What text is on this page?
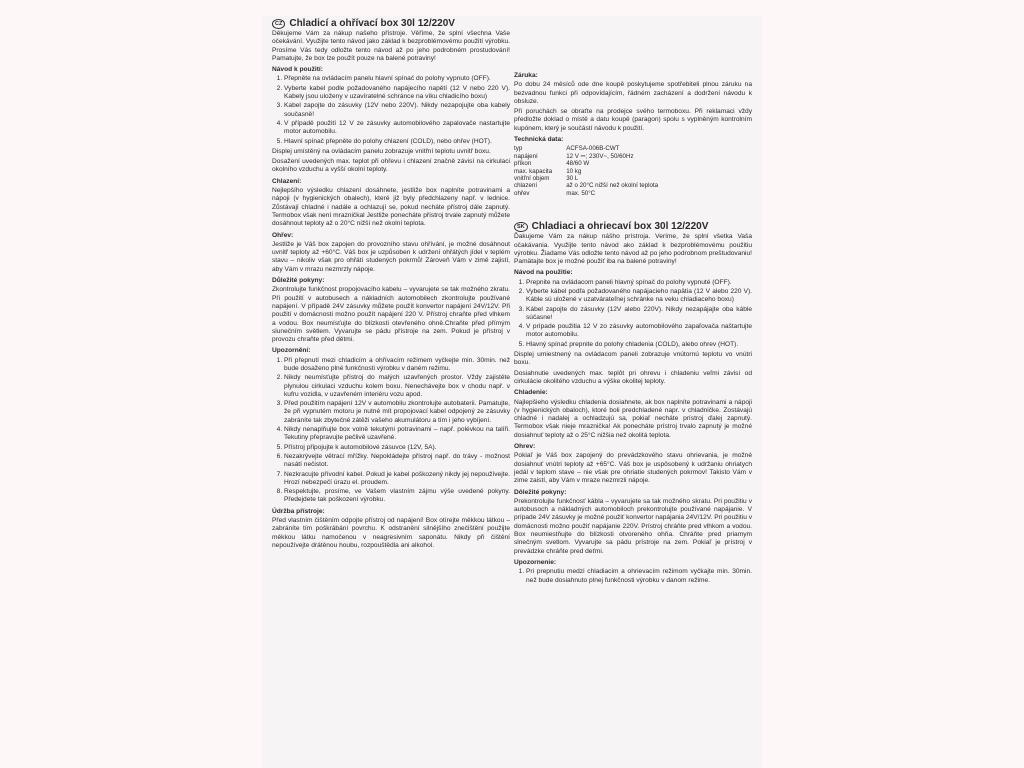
CZ Chladicí a ohřívací box 30l 12/220V

Děkujeme Vám za nákup našeho přístroje. Věříme, že splní všechna Vaše očekávání. Využijte tento návod jako základ k bezproblémovému použití výrobku. Prosíme Vás tedy odložte tento návod až po jeho podrobném prostudování! Pamatujte, že box lze použít pouze na balené potraviny!

Návod k použití:
1. Přepněte na ovládacím panelu hlavní spínač do polohy vypnuto (OFF).
2. Vyberte kabel podle požadovaného napájecího napětí (12 V nebo 220 V). Kabely jsou uloženy v uzavíratelné schránce na víku chladicího boxu)
3. Kabel zapojte do zásuvky (12V nebo 220V). Nikdy nezapojujte oba kabely současně!
4. V případě použití 12 V ze zásuvky automobilového zapalovače nastartujte motor automobilu.
5. Hlavní spínač přepněte do polohy chlazení (COLD), nebo ohřev (HOT).

Displej umístěný na ovládacím panelu zobrazuje vnitřní teplotu uvnitř boxu.

Dosažení uvedených max. teplot při ohřevu i chlazení značně závisí na cirkulaci okolního vzduchu a vyšší okolní teploty.

Chlazení:

Nejlepšího výsledku chlazení dosáhnete, jestliže box naplníte potravinami a nápoji (v hygienických obalech), které již byly předchlazeny např. v lednice. Zůstávají chladné i nadále a ochlazují se, pokud necháte přístroj dále zapnutý. Termobox však není mrazničkal Jestliže ponecháte přístroj trvale zapnutý můžete dosáhnout teploty až o 20°C nižší než okolní teplota.

Ohřev:

Jestliže je Váš box zapojen do provozního stavu ohřívání, je možné dosáhnout uvnitř teploty až +60°C. Váš box je uzpůsoben k udržení ohřátých jídel v teplém stavu – nikoliv však pro ohřátí studených pokrmů! Zároveň Vám v zimě zajistí, aby Vám v mrazu nezmrzly nápoje.

Důležité pokyny:

Zkontrolujte funkčnost propojovacího kabelu – vyvarujete se tak možného zkratu. Při použití v autobusech a nákladních automobilech zkontrolujte používané napájení. V případě 24V zásuvky můžete použít konvertor napájení 24V/12V. Při použití v domácnosti možno použít napájení 220 V. Přístroj chraňte před vlhkem a vodou. Box neumísťujte do blízkosti otevřeného ohně.Chraňte před přímým slunečním světlem. Vyvarujte se pádu přístroje na zem. Pokud je přístroj v provozu chraňte před dětmi.

Upozornění:
1. Při přepnutí mezi chladicím a ohřívacím režimem vyčkejte min. 30min. než bude dosaženo plné funkčnosti výrobku v daném režimu.
2. Nikdy neumísťujte přístroj do malých uzavřených prostor. Vždy zajistěte plynulou cirkulaci vzduchu kolem boxu. Nenechávejte box v chodu např. v kufru vozidla, v uzavřeném interiéru vozu apod.
3. Před použitím napájení 12V v automobilu zkontrolujte autobaterii. Pamatujte, že při vypnutém motoru je nutné mít propojovací kabel odpojený ze zásuvky zabráníte tak zbytečné zátěži vašeho akumulátoru a tím i jeho vybíjení.
4. Nikdy nenaplňujte box volně tekutými potravinami – např. polévkou na talíři. Tekutiny přepravujte pečlivě uzavřené.
5. Přístroj připojujte k automobilové zásuvce (12V, 5A).
6. Nezakrývejte větrací mřížky. Nepokládejte přístroj např. do trávy - možnost nasátí nečistot.
7. Nezkracujte přívodní kabel. Pokud je kabel poškozený nikdy jej nepoužívejte. Hrozí nebezpečí úrazu el. proudem.
8. Respektujte, prosíme, ve Vašem vlastním zájmu výše uvedené pokyny. Předejdete tak poškození výrobku.
Údržba přístroje:

Před vlastním čištěním odpojte přístroj od napájení! Box otírejte měkkou látkou – zabráníte tím poškrábání povrchu. K odstranění silnějšího znečištění použijte měkkou látku namočenou v neagresivním saponátu. Nikdy při čištění nepoužívejte drátěnou houbu, rozpouštědla ani alkohol.

Záruka:

Po dobu 24 měsíců ode dne koupě poskytujeme spotřebiteli plnou záruku na bezvadnou funkci při odpovídajícím, řádném zacházení a dodržení návodu k obsluze.

Při poruchách se obraťte na prodejce svého termoboxu. Při reklamaci vždy předložte doklad o místě a datu koupě (paragon) spolu s vyplněným kontrolním kupónem, který je součástí návodu k použití.

Technická data:
typ	ACFSA-006B-CWT
napájení	12 V ⎓; 230V~, 50/60Hz
příkon	48/60 W
max. kapacita	10 kg
vnitřní objem	30 L
chlazení	až o 20°C nižší než okolní teplota
ohřev	max. 50°C
SK Chladiaci a ohriecaví box 30l 12/220V

Ďakujeme Vám za nákup nášho prístroja. Veríme, že splní všetka Vaša očakávania. Využijte tento návod ako základ k bezproblémovému použitiu výrobku. Žiadame Vás odložte tento návod až po jeho podrobnom preštudovaniu! Pamätajte box je možné použiť iba na balené potraviny!

Návod na použitie:
1. Prepnite na ovládacom paneli hlavný spínač do polohy vypnuté (OFF).
2. Vyberte kábel podľa požadovaného napájacieho napätia (12 V alebo 220 V). Káble sú uložené v uzatvárateľnej schránke na veku chladiaceho boxu)
3. Kábel zapojte do zásuvky (12V alebo 220V). Nikdy nezapájajte oba káble súčasne!
4. V prípade použitia 12 V zo zásuvky automobilového zapaľovača naštartujte motor automobilu.
5. Hlavný spínač prepnite do polohy chladenia (COLD), alebo ohrev (HOT).

Displej umiestnený na ovládacom paneli zobrazuje vnútornú teplotu vo vnútri boxu.

Dosiahnutie uvedených max. teplôt pri ohrevu i chladeniu veľmi závisí od cirkulácie okolitého vzduchu a výške okolitej teploty.

Chladenie:

Najlepšieho výsledku chladenia dosiahnete, ak box naplníte potravinami a nápoji (v hygienických obaloch), ktoré boli predchladené napr. v chladničke. Zostávajú chladné i nadalej a ochladzujú sa, pokiaľ necháte prístroj ďalej zapnutý. Termobox však nieje mraznička! Ak ponecháte prístroj trvalo zapnutý je možné dosiahnuť teploty až o 25°C nižšia než okolitá teplota.

Ohrev:

Pokiaľ je Váš box zapojený do prevádzkového stavu ohrievania, je možné dosiahnuť vnútri teploty až +65°C. Váš box je uspôsobený k udržaniu ohriatych jedál v teplom stave – nie však pre ohriatie studených pokrmov! Takisto Vám v zime zaistí, aby Vám v mraze nezmrzli nápoje.

Dôležité pokyny:

Prekontrolujte funkčnosť kábla – vyvarujete sa tak možného skratu. Pri použitiu v autobusoch a nákladných automobiloch prekontrolujte používané napájanie. V prípade 24V zásuvky je možné použiť konvertor napájania 24V/12V. Pri použitiu v domácnosti možno použiť napájanie 220V. Prístroj chráňte pred vlhkom a vodou. Box neumiestňujte do blízkosti otvoreného ohňa. Chráňte pred priamym slnečným svetlom. Vyvarujte sa pádu prístroje na zem. Pokiaľ je prístroj v prevádzke chráňte pred deťmi.

Upozornenie:
1. Pri prepnutiu medzi chladiacim a ohrievacím režimom vyčkajte min. 30min. než bude dosiahnuto plnej funkčnosti výrobku v danom režime.
